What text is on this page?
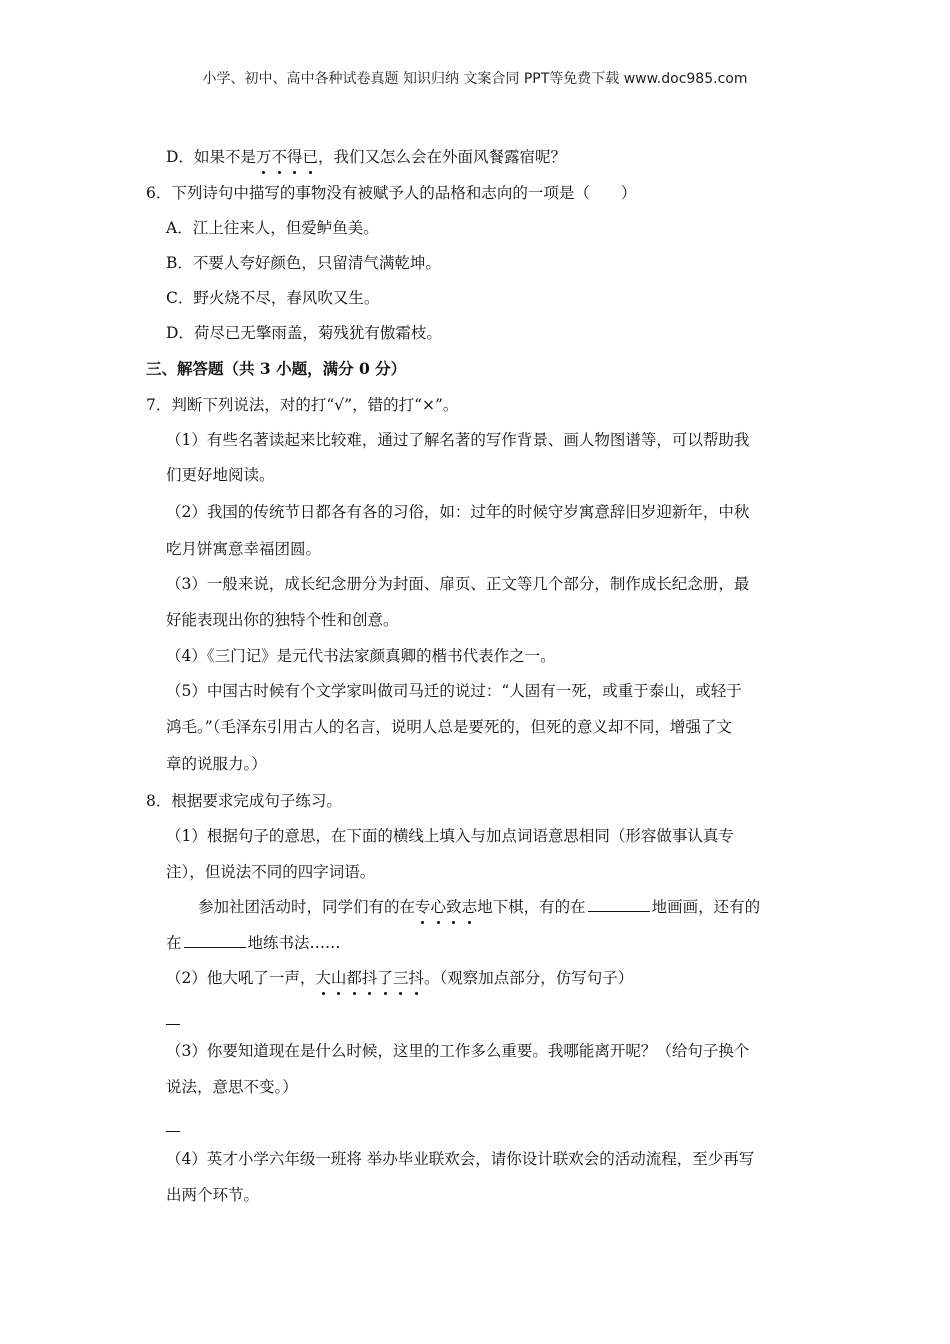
小学、初中、高中各种试卷真题 知识归纳 文案合同 PPT等免费下载 www.doc985.com
D．如果不是万不得已，我们又怎么会在外面风餐露宿呢？
6．下列诗句中描写的事物没有被赋予人的品格和志向的一项是（　　）
A．江上往来人，但爱鲈鱼美。
B．不要人夸好颜色，只留清气满乾坤。
C．野火烧不尽，春风吹又生。
D．荷尽已无擎雨盖，菊残犹有傲霜枝。
三、解答题（共 3 小题，满分 0 分）
7．判断下列说法，对的打“√”，错的打“×”。
（1）有些名著读起来比较难，通过了解名著的写作背景、画人物图谱等，可以帮助我
们更好地阅读。
（2）我国的传统节日都各有各的习俗，如：过年的时候守岁寓意辞旧岁迎新年，中秋
吃月饼寓意幸福团圆。
（3）一般来说，成长纪念册分为封面、扉页、正文等几个部分，制作成长纪念册，最
好能表现出你的独特个性和创意。
（4）《三门记》是元代书法家颜真卿的楷书代表作之一。
（5）中国古时候有个文学家叫做司马迁的说过：“人固有一死，或重于泰山，或轻于
鸿毛。”（毛泽东引用古人的名言，说明人总是要死的，但死的意义却不同，增强了文
章的说服力。）
8．根据要求完成句子练习。
（1）根据句子的意思，在下面的横线上填入与加点词语意思相同（形容做事认真专
注），但说法不同的四字词语。
参加社团活动时，同学们有的在专心致志地下棋，有的在	地画画，还有的
在	地练书法……
（2）他大吼了一声，大山都抖了三抖。（观察加点部分，仿写句子）
（3）你要知道现在是什么时候，这里的工作多么重要。我哪能离开呢？（给句子换个
说法，意思不变。）
（4）英才小学六年级一班将 举办毕业联欢会，请你设计联欢会的活动流程，至少再写
出两个环节。
